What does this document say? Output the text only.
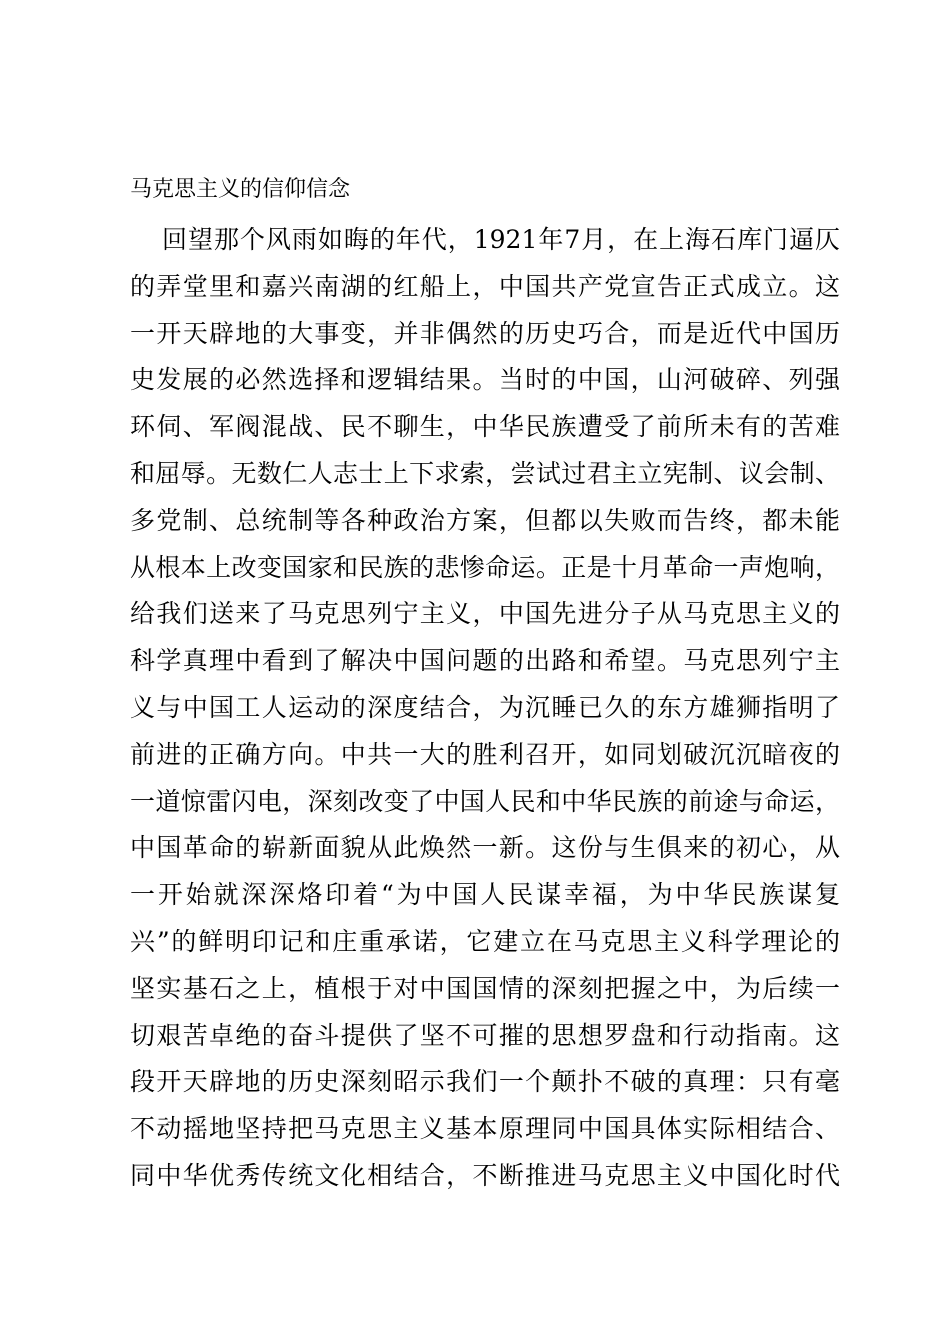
马克思主义的信仰信念
回望那个风雨如晦的年代，1921年7月，在上海石库门逼仄
的弄堂里和嘉兴南湖的红船上，中国共产党宣告正式成立。这
一开天辟地的大事变，并非偶然的历史巧合，而是近代中国历
史发展的必然选择和逻辑结果。当时的中国，山河破碎、列强
环伺、军阀混战、民不聊生，中华民族遭受了前所未有的苦难
和屈辱。无数仁人志士上下求索，尝试过君主立宪制、议会制、
多党制、总统制等各种政治方案，但都以失败而告终，都未能
从根本上改变国家和民族的悲惨命运。正是十月革命一声炮响，
给我们送来了马克思列宁主义，中国先进分子从马克思主义的
科学真理中看到了解决中国问题的出路和希望。马克思列宁主
义与中国工人运动的深度结合，为沉睡已久的东方雄狮指明了
前进的正确方向。中共一大的胜利召开，如同划破沉沉暗夜的
一道惊雷闪电，深刻改变了中国人民和中华民族的前途与命运，
中国革命的崭新面貌从此焕然一新。这份与生俱来的初心，从
一开始就深深烙印着“为中国人民谋幸福，为中华民族谋复
兴”的鲜明印记和庄重承诺，它建立在马克思主义科学理论的
坚实基石之上，植根于对中国国情的深刻把握之中，为后续一
切艰苦卓绝的奋斗提供了坚不可摧的思想罗盘和行动指南。这
段开天辟地的历史深刻昭示我们一个颠扑不破的真理：只有毫
不动摇地坚持把马克思主义基本原理同中国具体实际相结合、
同中华优秀传统文化相结合，不断推进马克思主义中国化时代
